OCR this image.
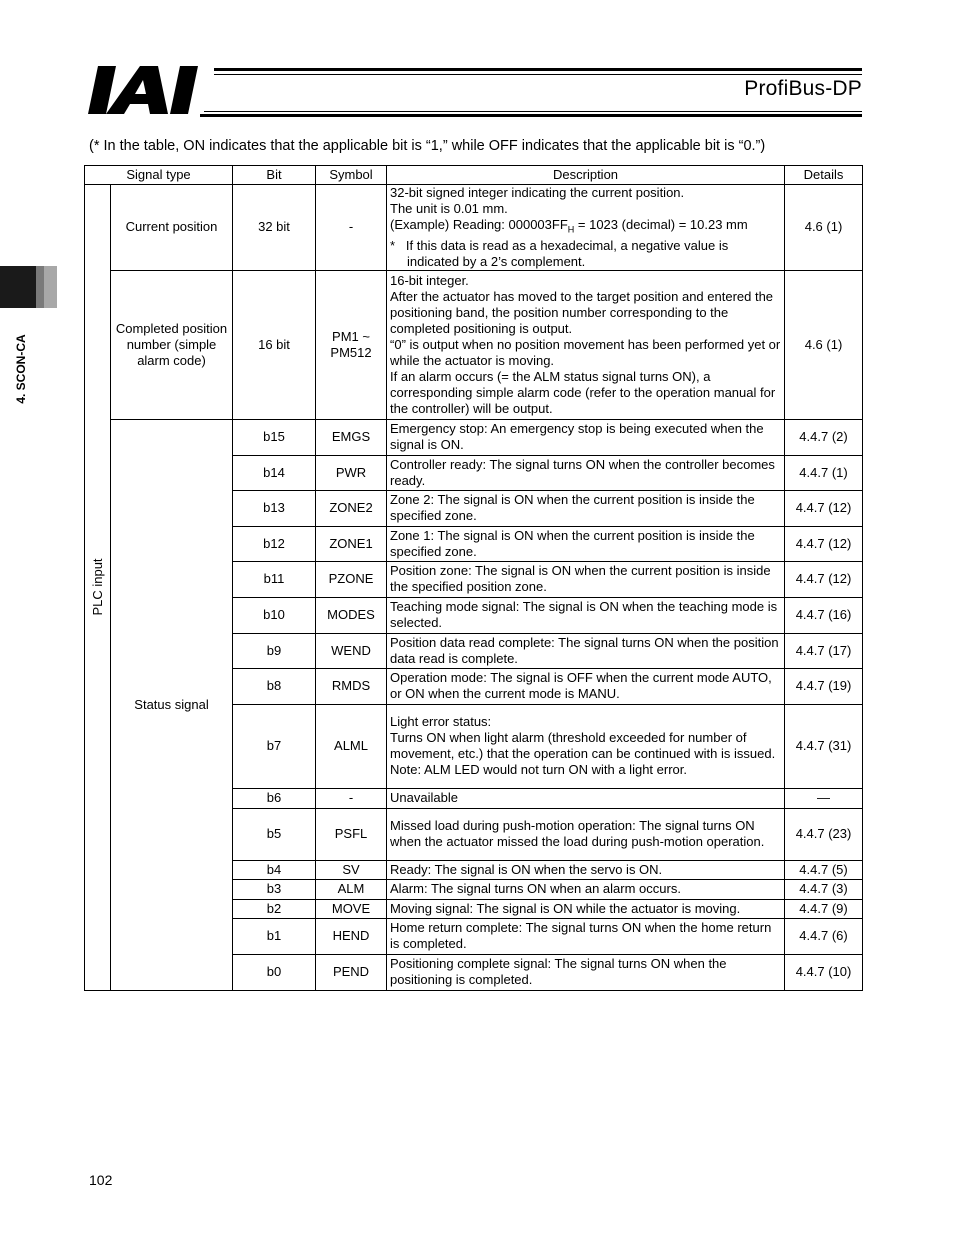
ProfiBus-DP
4. SCON-CA
(* In the table, ON indicates that the applicable bit is “1,” while OFF indicates that the applicable bit is “0.”)
Signal type		Bit	Symbol	Description	Details

PLC input	Current position	32 bit	-	32-bit signed integer indicating the current position.
The unit is 0.01 mm.
(Example) Reading: $000003FF_H = 1023$ (decimal) = 10.23 mm
*   If this data is read as a hexadecimal, a negative value is indicated by a 2’s complement.	4.6 (1)
	Completed position number (simple alarm code)	16 bit	PM1 ~
PM512	16-bit integer.
After the actuator has moved to the target position and entered the positioning band, the position number corresponding to the completed positioning is output.
“0” is output when no position movement has been performed yet or while the actuator is moving.
If an alarm occurs (= the ALM status signal turns ON), a corresponding simple alarm code (refer to the operation manual for the controller) will be output.	4.6 (1)
	Status signal	b15	EMGS	Emergency stop: An emergency stop is being executed when the signal is ON.	4.4.7 (2)
		b14	PWR	Controller ready: The signal turns ON when the controller becomes ready.	4.4.7 (1)
		b13	ZONE2	Zone 2: The signal is ON when the current position is inside the specified zone.	4.4.7 (12)
		b12	ZONE1	Zone 1: The signal is ON when the current position is inside the specified zone.	4.4.7 (12)
		b11	PZONE	Position zone: The signal is ON when the current position is inside the specified position zone.	4.4.7 (12)
		b10	MODES	Teaching mode signal: The signal is ON when the teaching mode is selected.	4.4.7 (16)
		b9	WEND	Position data read complete: The signal turns ON when the position data read is complete.	4.4.7 (17)
		b8	RMDS	Operation mode: The signal is OFF when the current mode AUTO, or ON when the current mode is MANU.	4.4.7 (19)
		b7	ALML	Light error status:
Turns ON when light alarm (threshold exceeded for number of movement, etc.) that the operation can be continued with is issued.
Note: ALM LED would not turn ON with a light error.	4.4.7 (31)
		b6	-	Unavailable	—
		b5	PSFL	Missed load during push-motion operation: The signal turns ON when the actuator missed the load during push-motion operation.	4.4.7 (23)
		b4	SV	Ready: The signal is ON when the servo is ON.	4.4.7 (5)
		b3	ALM	Alarm: The signal turns ON when an alarm occurs.	4.4.7 (3)
		b2	MOVE	Moving signal: The signal is ON while the actuator is moving.	4.4.7 (9)
		b1	HEND	Home return complete: The signal turns ON when the home return is completed.	4.4.7 (6)
		b0	PEND	Positioning complete signal: The signal turns ON when the positioning is completed.	4.4.7 (10)
102
